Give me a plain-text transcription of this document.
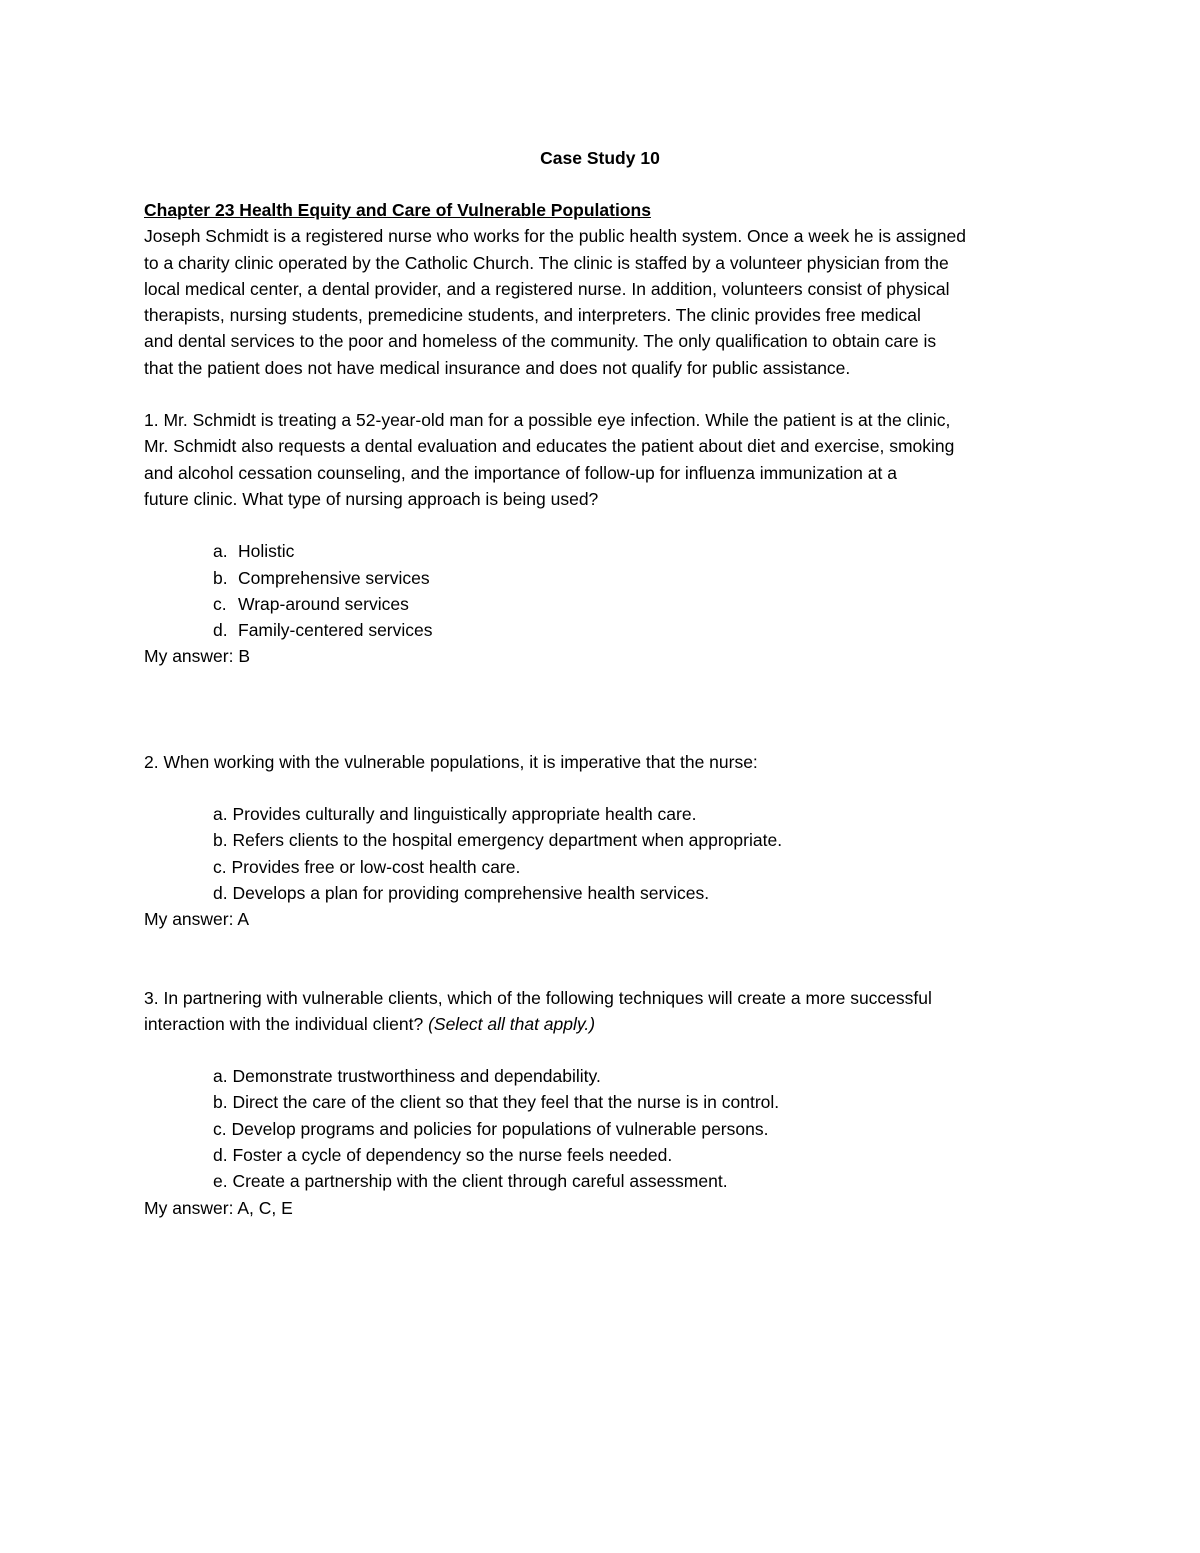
Case Study 10
Chapter 23 Health Equity and Care of Vulnerable Populations

Joseph Schmidt is a registered nurse who works for the public health system. Once a week he is assigned

to a charity clinic operated by the Catholic Church. The clinic is staffed by a volunteer physician from the

local medical center, a dental provider, and a registered nurse. In addition, volunteers consist of physical

therapists, nursing students, premedicine students, and interpreters. The clinic provides free medical

and dental services to the poor and homeless of the community. The only qualification to obtain care is

that the patient does not have medical insurance and does not qualify for public assistance.

1. Mr. Schmidt is treating a 52-year-old man for a possible eye infection. While the patient is at the clinic,

Mr. Schmidt also requests a dental evaluation and educates the patient about diet and exercise, smoking

and alcohol cessation counseling, and the importance of follow-up for influenza immunization at a

future clinic. What type of nursing approach is being used?

a. Holistic
b. Comprehensive services
c. Wrap-around services
d. Family-centered services

My answer: B

2. When working with the vulnerable populations, it is imperative that the nurse:

a. Provides culturally and linguistically appropriate health care.
b. Refers clients to the hospital emergency department when appropriate.
c. Provides free or low-cost health care.
d. Develops a plan for providing comprehensive health services.

My answer: A

3. In partnering with vulnerable clients, which of the following techniques will create a more successful

interaction with the individual client? (Select all that apply.)

a. Demonstrate trustworthiness and dependability.
b. Direct the care of the client so that they feel that the nurse is in control.
c. Develop programs and policies for populations of vulnerable persons.
d. Foster a cycle of dependency so the nurse feels needed.
e. Create a partnership with the client through careful assessment.

My answer: A, C, E
